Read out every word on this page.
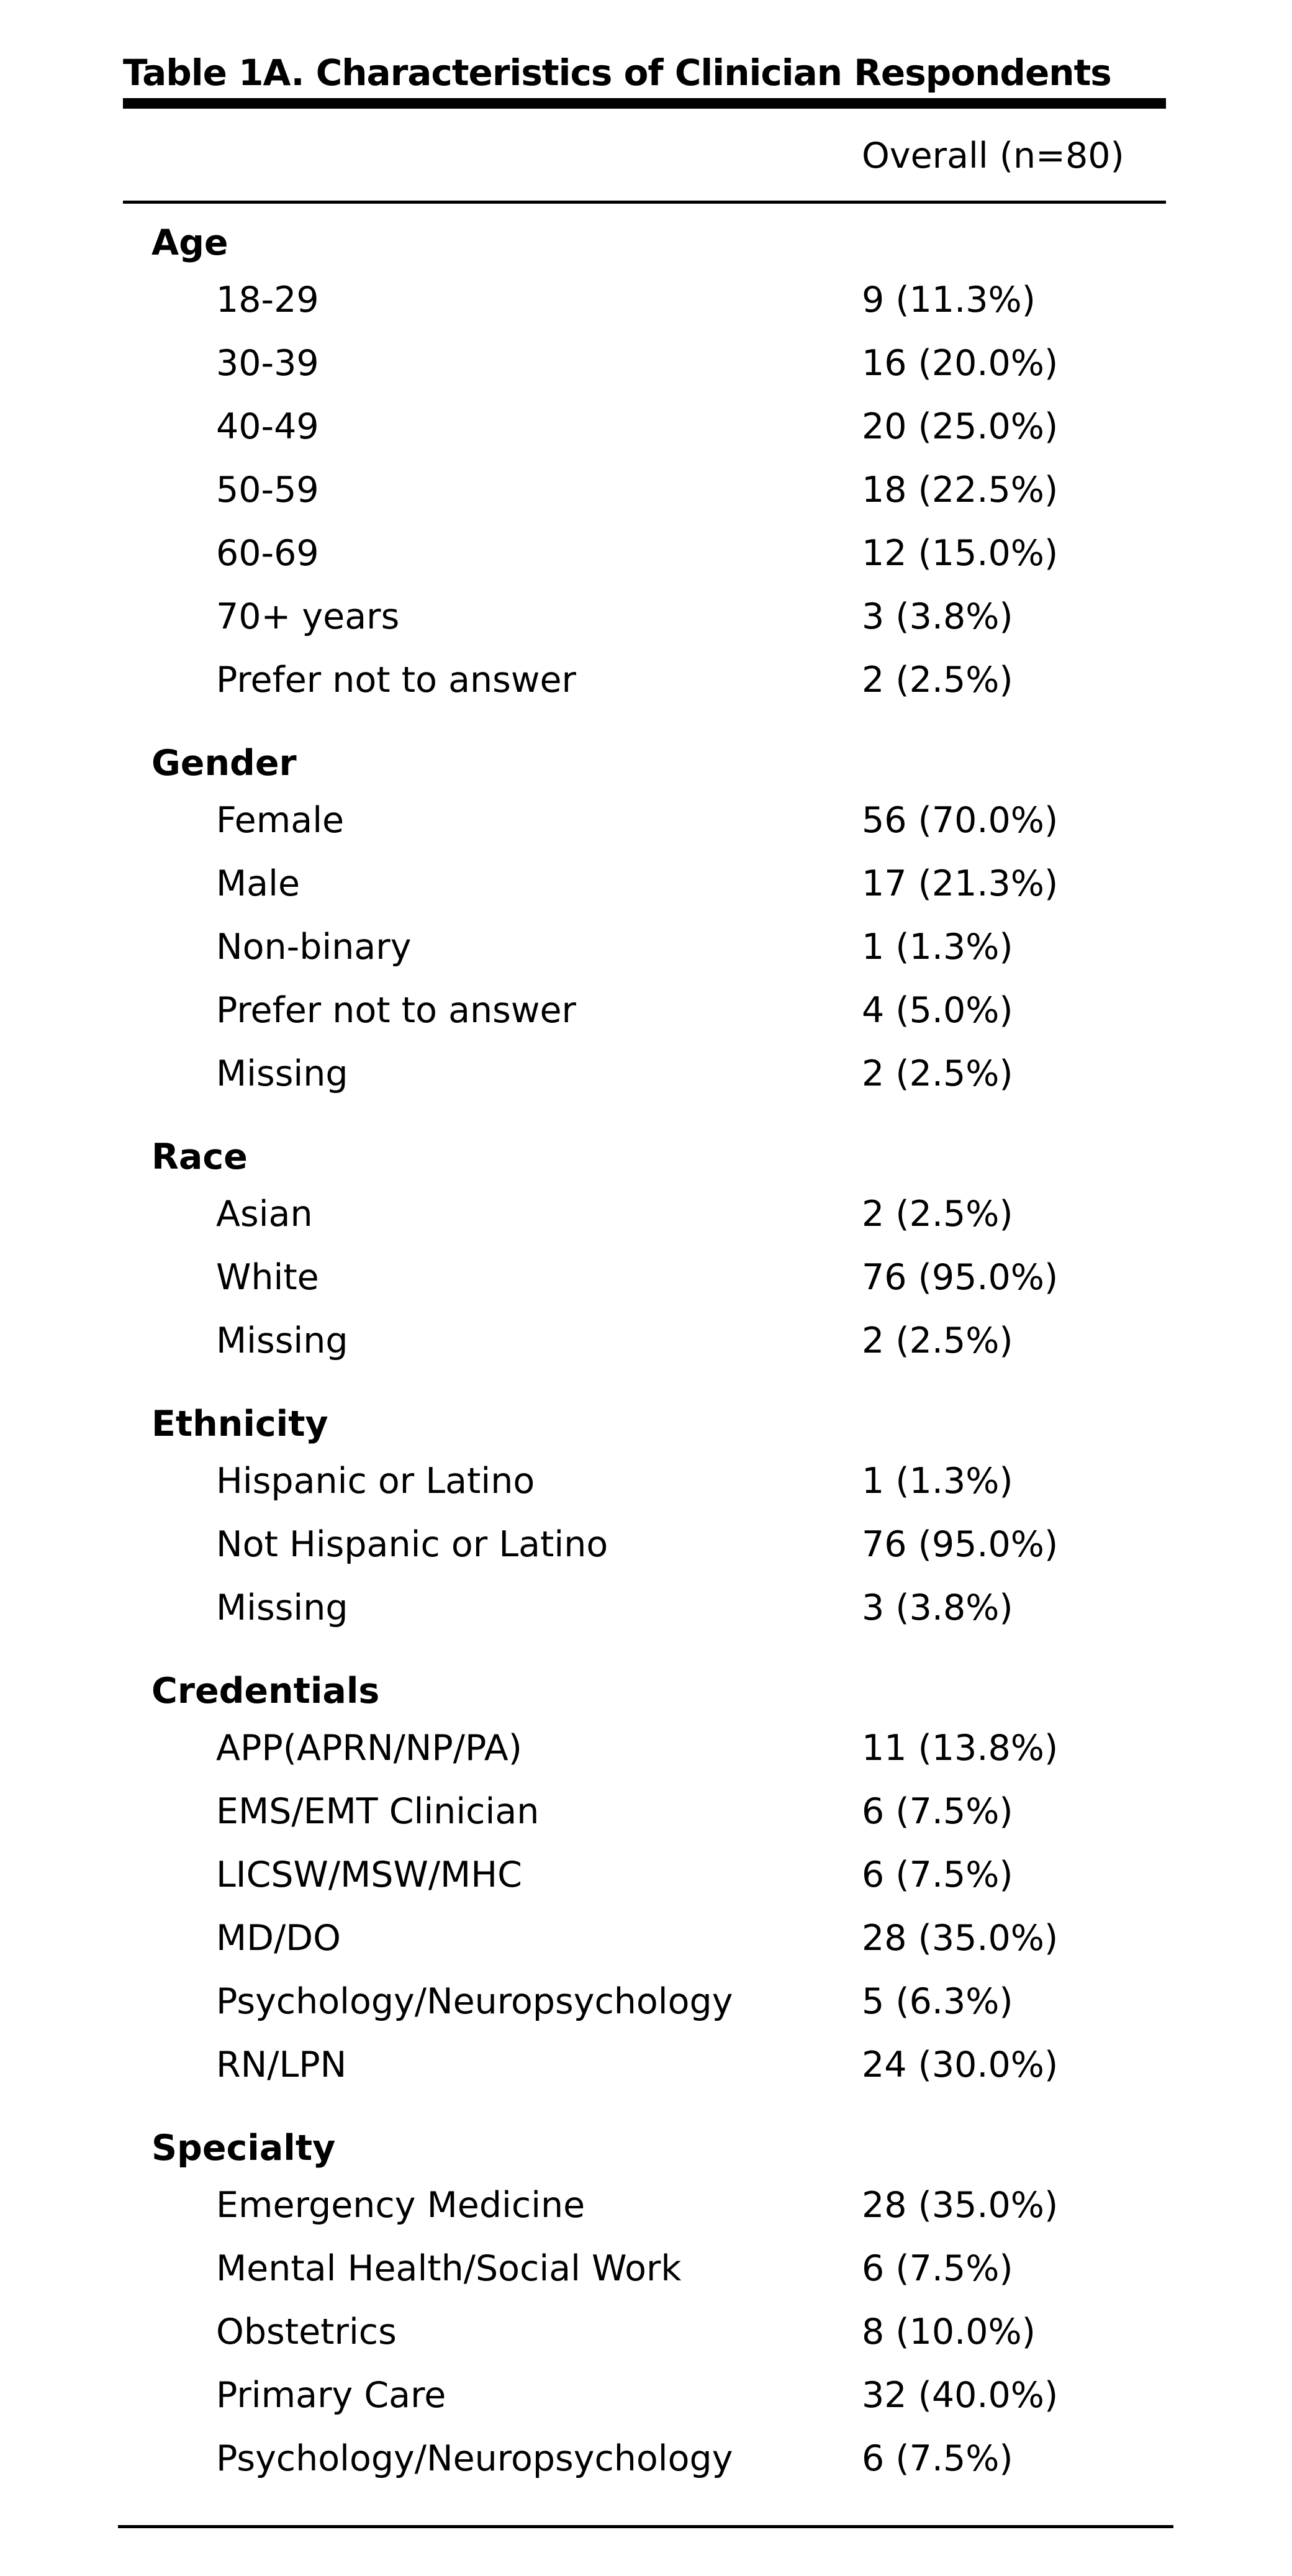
Table 1A. Characteristics of Clinician Respondents
Overall (n=80)
Age
18-29	9 (11.3%)
30-39	16 (20.0%)
40-49	20 (25.0%)
50-59	18 (22.5%)
60-69	12 (15.0%)
70+ years	3 (3.8%)
Prefer not to answer	2 (2.5%)
Gender
Female	56 (70.0%)
Male	17 (21.3%)
Non-binary	1 (1.3%)
Prefer not to answer	4 (5.0%)
Missing	2 (2.5%)
Race
Asian	2 (2.5%)
White	76 (95.0%)
Missing	2 (2.5%)
Ethnicity
Hispanic or Latino	1 (1.3%)
Not Hispanic or Latino	76 (95.0%)
Missing	3 (3.8%)
Credentials
APP(APRN/NP/PA)	11 (13.8%)
EMS/EMT Clinician	6 (7.5%)
LICSW/MSW/MHC	6 (7.5%)
MD/DO	28 (35.0%)
Psychology/Neuropsychology	5 (6.3%)
RN/LPN	24 (30.0%)
Specialty
Emergency Medicine	28 (35.0%)
Mental Health/Social Work	6 (7.5%)
Obstetrics	8 (10.0%)
Primary Care	32 (40.0%)
Psychology/Neuropsychology	6 (7.5%)
